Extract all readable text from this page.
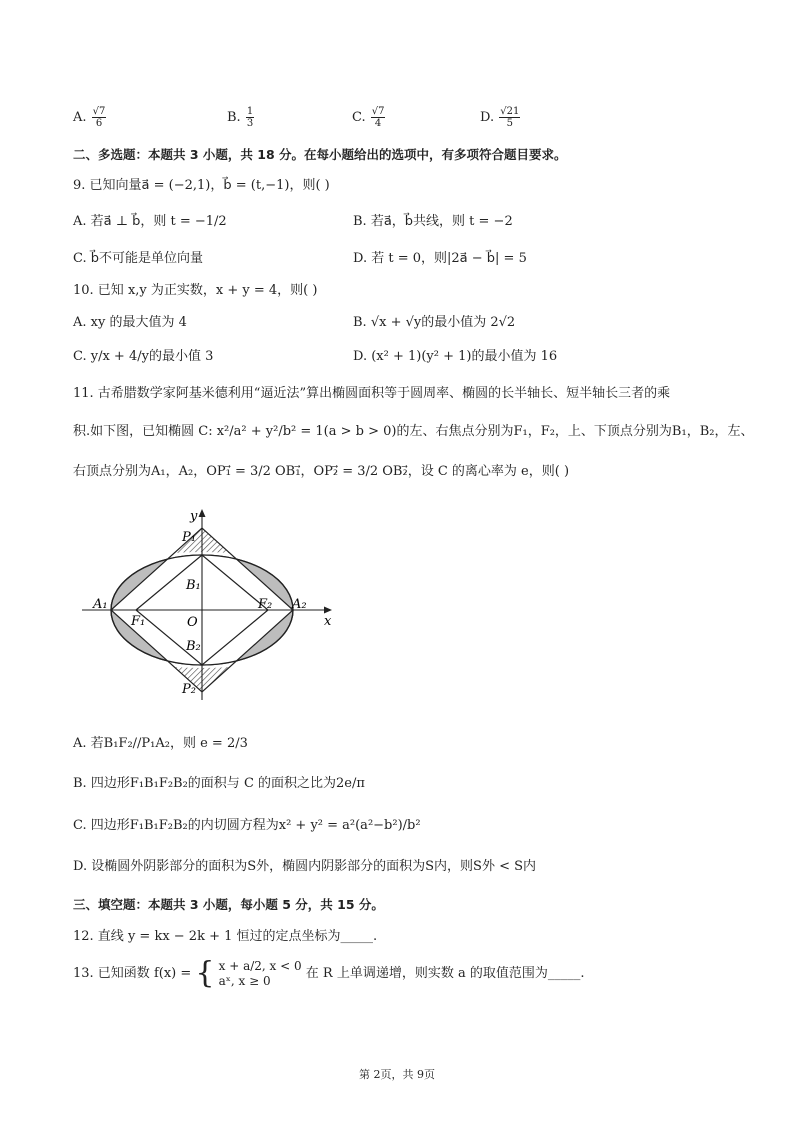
A. $\frac{√7}{6}$	B. $\frac{1}{3}$	C. $\frac{√7}{4}$	D. $\frac{√21}{5}$
二、多选题：本题共 3 小题，共 18 分。在每小题给出的选项中，有多项符合题目要求。
9. 已知向量a⃗ = (−2,1)，b⃗ = (t,−1)，则( )
A. 若a⃗ ⊥ b⃗，则 t = −1/2	B. 若a⃗，b⃗共线，则 t = −2
C. b⃗不可能是单位向量	D. 若 t = 0，则|2a⃗ − b⃗| = 5
10. 已知 x,y 为正实数，x + y = 4，则( )
A. xy 的最大值为 4	B. √x + √y的最小值为 2√2
C. y/x + 4/y的最小值 3	D. (x² + 1)(y² + 1)的最小值为 16
11. 古希腊数学家阿基米德利用“逼近法”算出椭圆面积等于圆周率、椭圆的长半轴长、短半轴长三者的乘
积.如下图，已知椭圆 C: x²/a² + y²/b² = 1(a > b > 0)的左、右焦点分别为F₁，F₂，上、下顶点分别为B₁，B₂，左、
右顶点分别为A₁，A₂，OP₁⃗ = 3/2 OB₁⃗，OP₂⃗ = 3/2 OB₂⃗，设 C 的离心率为 e，则( )
y
x
P₁
P₂
B₁
B₂
A₁	A₂
F₁
F₂
O
A. 若B₁F₂//P₁A₂，则 e = 2/3
B. 四边形F₁B₁F₂B₂的面积与 C 的面积之比为2e/π
C. 四边形F₁B₁F₂B₂的内切圆方程为x² + y² = a²(a²−b²)/b²
D. 设椭圆外阴影部分的面积为S外，椭圆内阴影部分的面积为S内，则S外 < S内
三、填空题：本题共 3 小题，每小题 5 分，共 15 分。
12. 直线 y = kx − 2k + 1 恒过的定点坐标为_____.
13. 已知函数 f(x) = { x + a/2, x < 0
aˣ, x ≥ 0	在 R 上单调递增，则实数 a 的取值范围为_____.
第 2页，共 9页
